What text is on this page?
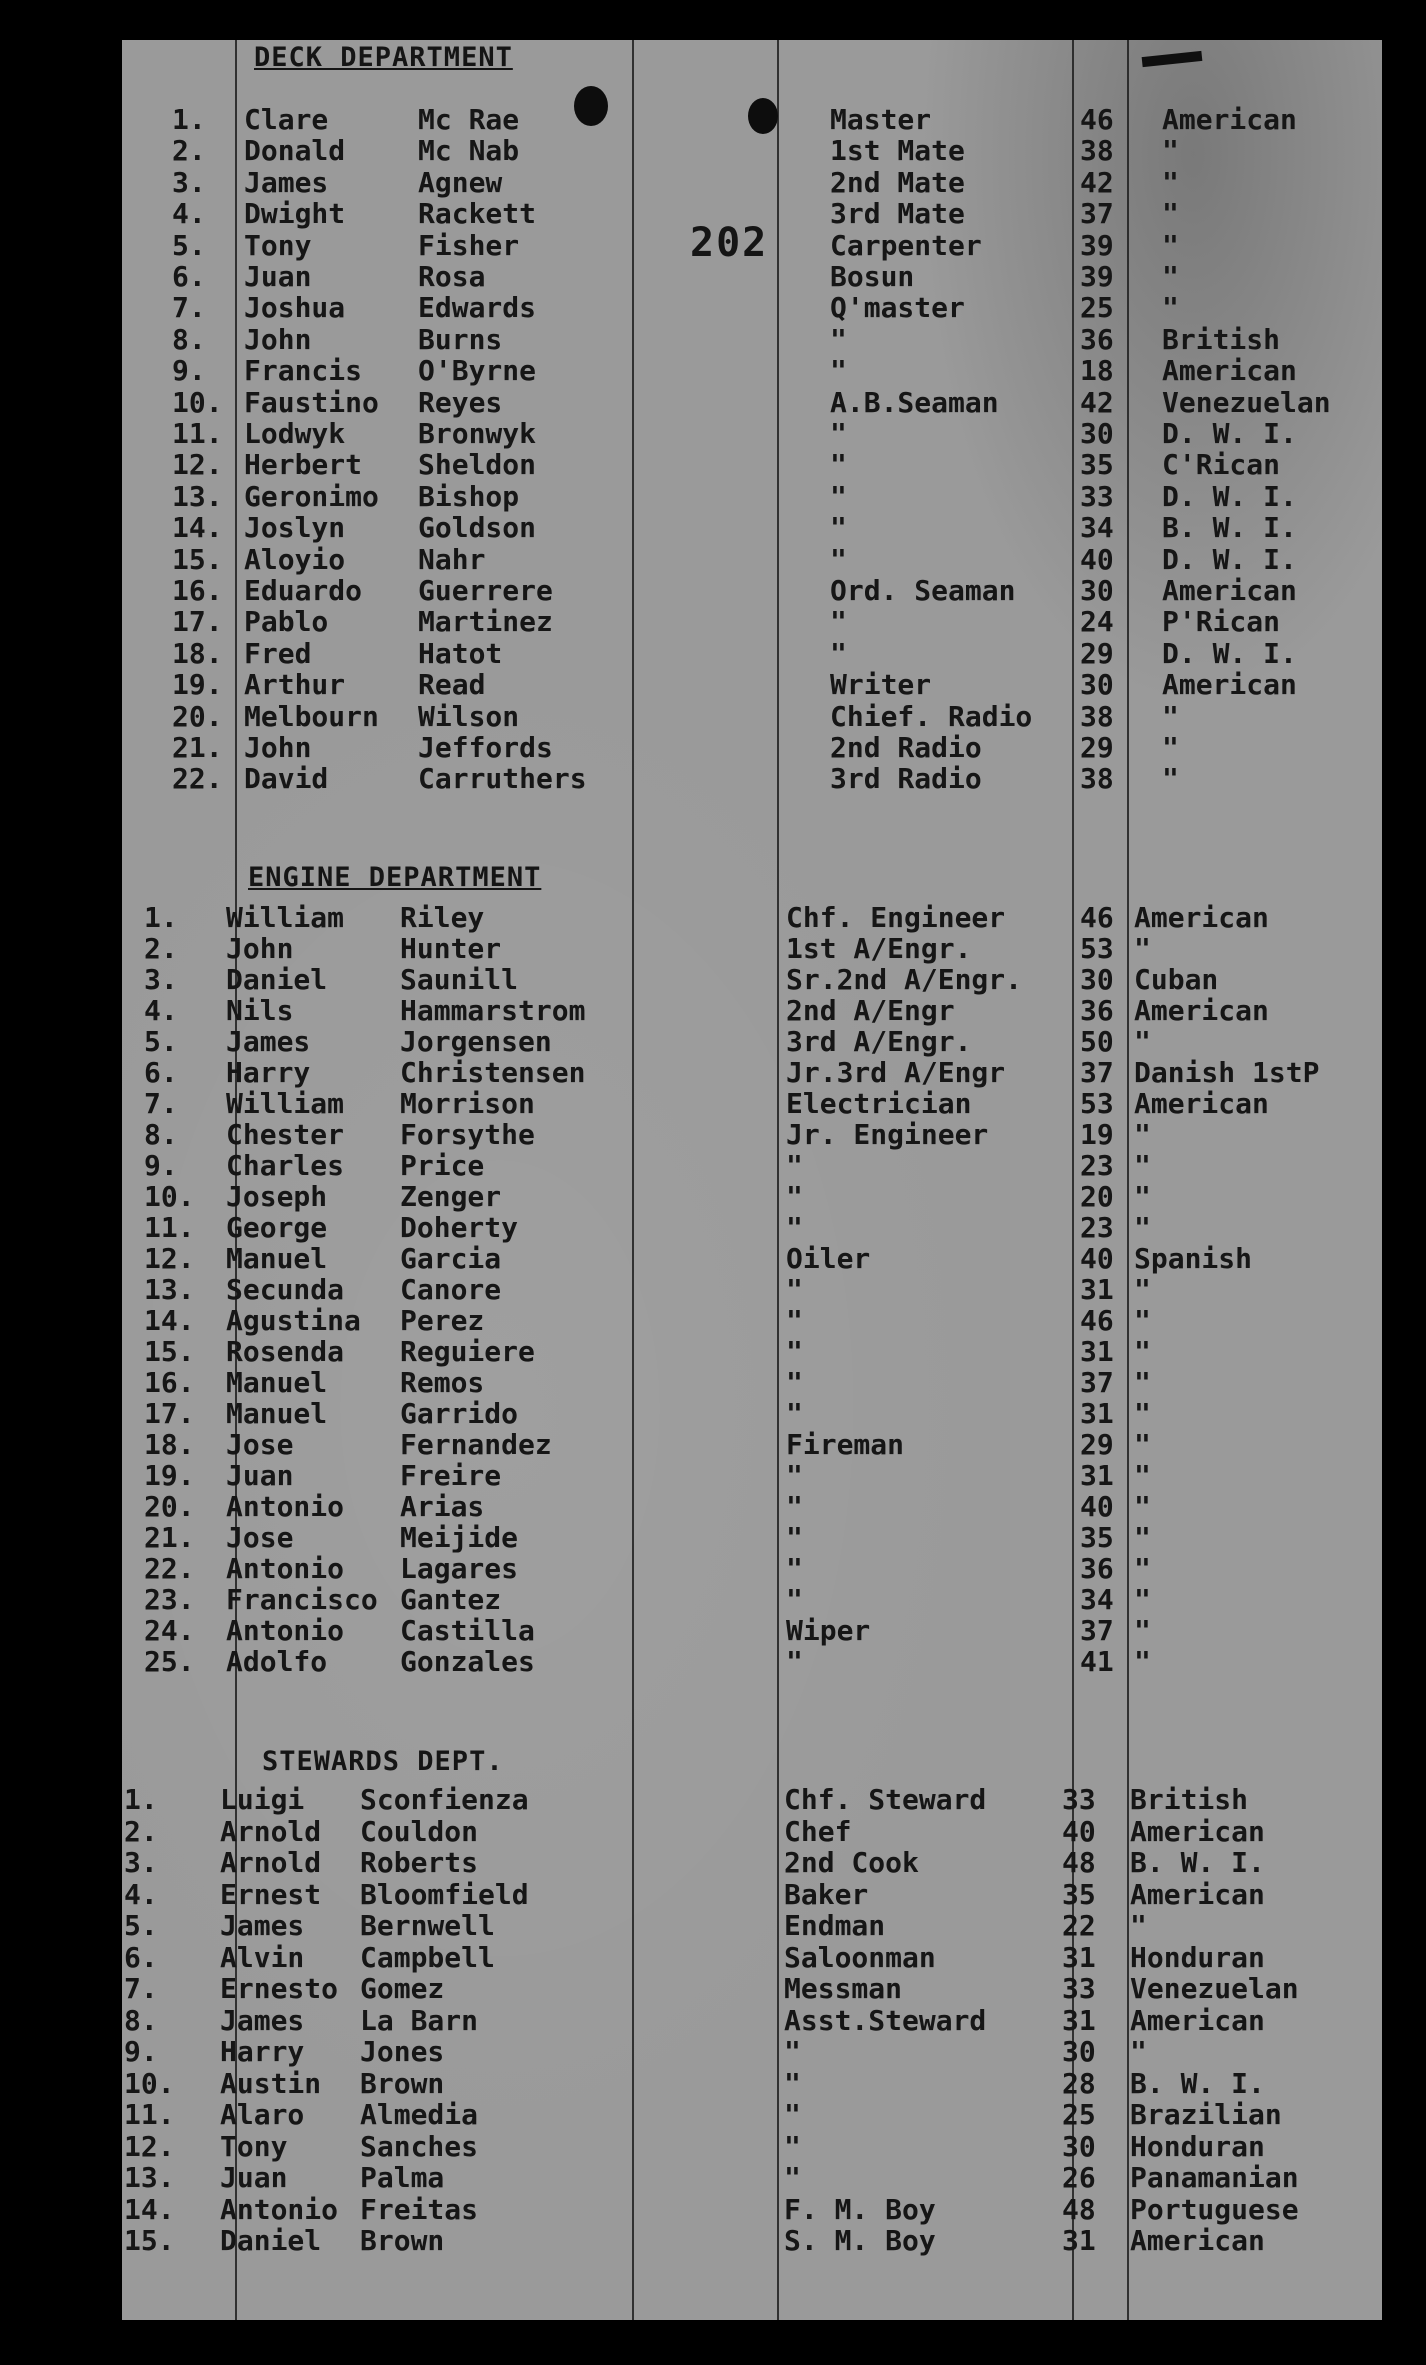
202
DECK DEPARTMENT
1. Clare	Mc Rae	Master	46 American
2. Donald	Mc Nab	1st Mate	38 "
3. James	Agnew	2nd Mate	42 "
4. Dwight	Rackett	3rd Mate	37 "
5. Tony	Fisher	Carpenter	39 "
6. Juan	Rosa	Bosun	39 "
7. Joshua	Edwards	Q'master	25 "
8. John	Burns	"	36 British
9. Francis O'Byrne	"	18 American
10. Faustino Reyes	A.B.Seaman	42 Venezuelan
11. Lodwyk	Bronwyk	"	30 D. W. I.
12. Herbert Sheldon	"	35 C'Rican
13. Geronimo Bishop	"	33 D. W. I.
14. Joslyn	Goldson	"	34 B. W. I.
15. Aloyio	Nahr	"	40 D. W. I.
16. Eduardo Guerrere	Ord. Seaman 30 American
17. Pablo	Martinez	"	24 P'Rican
18. Fred	Hatot	"	29 D. W. I.
19. Arthur	Read	Writer	30 American
20. Melbourn Wilson	Chief. Radio 38 "
21. John	Jeffords	2nd Radio	29 "
22. David	Carruthers	3rd Radio	38 "
ENGINE DEPARTMENT
1. William Riley	Chf. Engineer	46 American
2. John	Hunter	1st A/Engr.	53 "
3. Daniel	Saunill	Sr.2nd A/Engr. 30 Cuban
4. Nils	Hammarstrom	2nd A/Engr	36 American
5. James	Jorgensen	3rd A/Engr.	50 "
6. Harry	Christensen	Jr.3rd A/Engr	37 Danish 1stP
7. William Morrison	Electrician	53 American
8. Chester Forsythe	Jr. Engineer	19 "
9. Charles Price	"	23 "
10. Joseph	Zenger	"	20 "
11. George	Doherty	"	23 "
12. Manuel	Garcia	Oiler	40 Spanish
13. Secunda Canore	"	31 "
14. Agustina Perez	"	46 "
15. Rosenda Reguiere	"	31 "
16. Manuel	Remos	"	37 "
17. Manuel	Garrido	"	31 "
18. Jose	Fernandez	Fireman	29 "
19. Juan	Freire	"	31 "
20. Antonio Arias	"	40 "
21. Jose	Meijide	"	35 "
22. Antonio Lagares	"	36 "
23. Francisco Gantez	"	34 "
24. Antonio Castilla	Wiper	37 "
25. Adolfo	Gonzales	"	41 "
STEWARDS DEPT.
1. Luigi Sconfienza	Chf. Steward	33 British
2. Arnold Couldon	Chef	40 American
3. Arnold Roberts	2nd Cook	48 B. W. I.
4. Ernest Bloomfield	Baker	35 American
5. James Bernwell	Endman	22 "
6. Alvin Campbell	Saloonman	31 Honduran
7. Ernesto Gomez	Messman	33 Venezuelan
8. James La Barn	Asst.Steward	31 American
9. Harry Jones	"	30 "
10. Austin Brown	"	28 B. W. I.
11. Alaro Almedia	"	25 Brazilian
12. Tony	Sanches	"	30 Honduran
13. Juan	Palma	"	26 Panamanian
14. Antonio Freitas	F. M. Boy	48 Portuguese
15. Daniel Brown	S. M. Boy	31 American
